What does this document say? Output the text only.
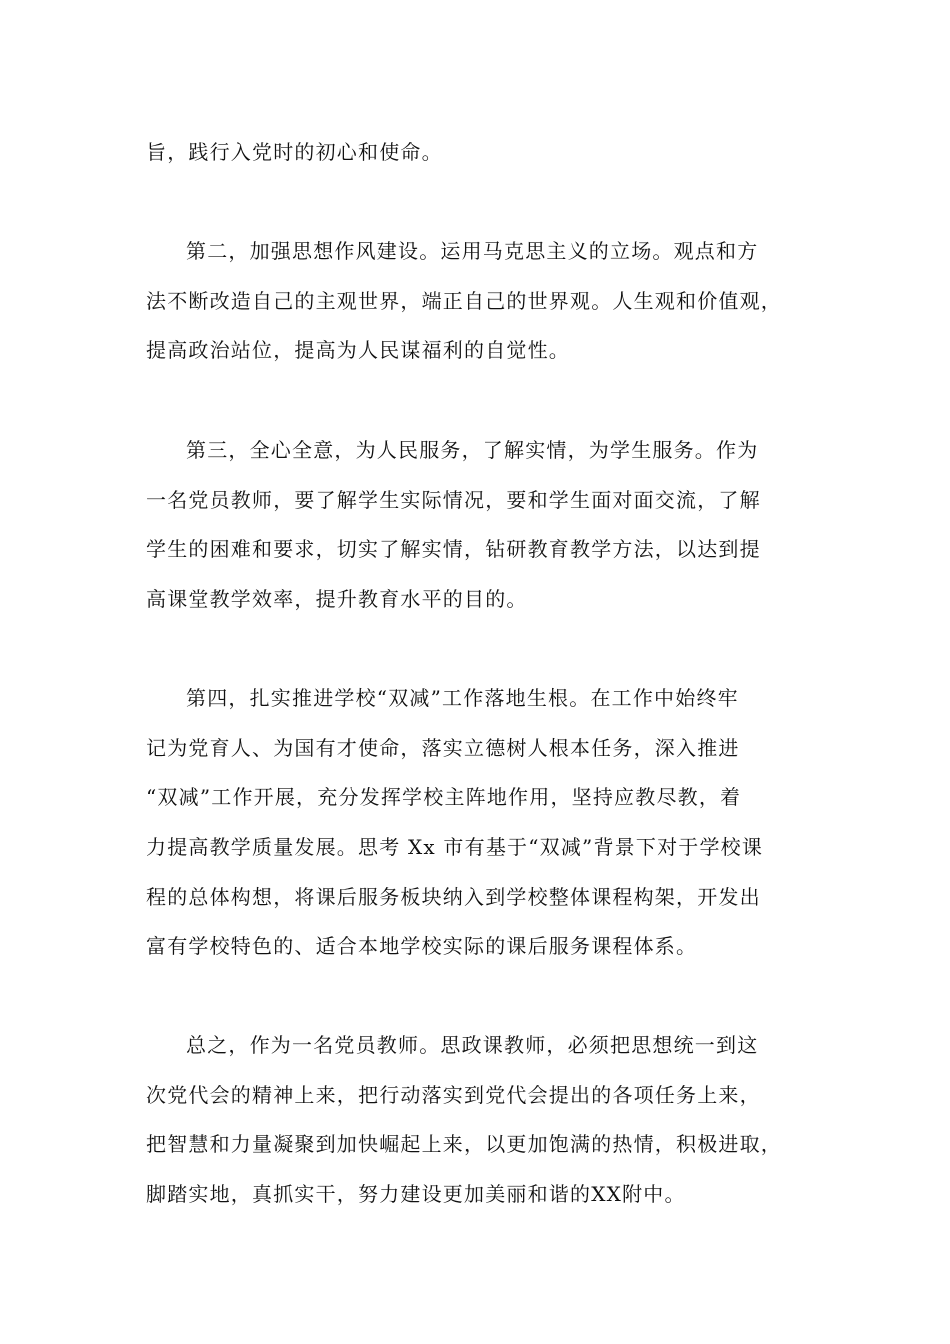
旨，践行入党时的初心和使命。

第二，加强思想作风建设。运用马克思主义的立场。观点和方
法不断改造自己的主观世界，端正自己的世界观。人生观和价值观，
提高政治站位，提高为人民谋福利的自觉性。

第三，全心全意，为人民服务，了解实情，为学生服务。作为
一名党员教师，要了解学生实际情况，要和学生面对面交流，了解
学生的困难和要求，切实了解实情，钻研教育教学方法，以达到提
高课堂教学效率，提升教育水平的目的。

第四，扎实推进学校“双减”工作落地生根。在工作中始终牢
记为党育人、为国有才使命，落实立德树人根本任务，深入推进
“双减”工作开展，充分发挥学校主阵地作用，坚持应教尽教，着
力提高教学质量发展。思考 Xx 市有基于“双减”背景下对于学校课
程的总体构想，将课后服务板块纳入到学校整体课程构架，开发出
富有学校特色的、适合本地学校实际的课后服务课程体系。

总之，作为一名党员教师。思政课教师，必须把思想统一到这
次党代会的精神上来，把行动落实到党代会提出的各项任务上来，
把智慧和力量凝聚到加快崛起上来，以更加饱满的热情，积极进取，
脚踏实地，真抓实干，努力建设更加美丽和谐的XX附中。
